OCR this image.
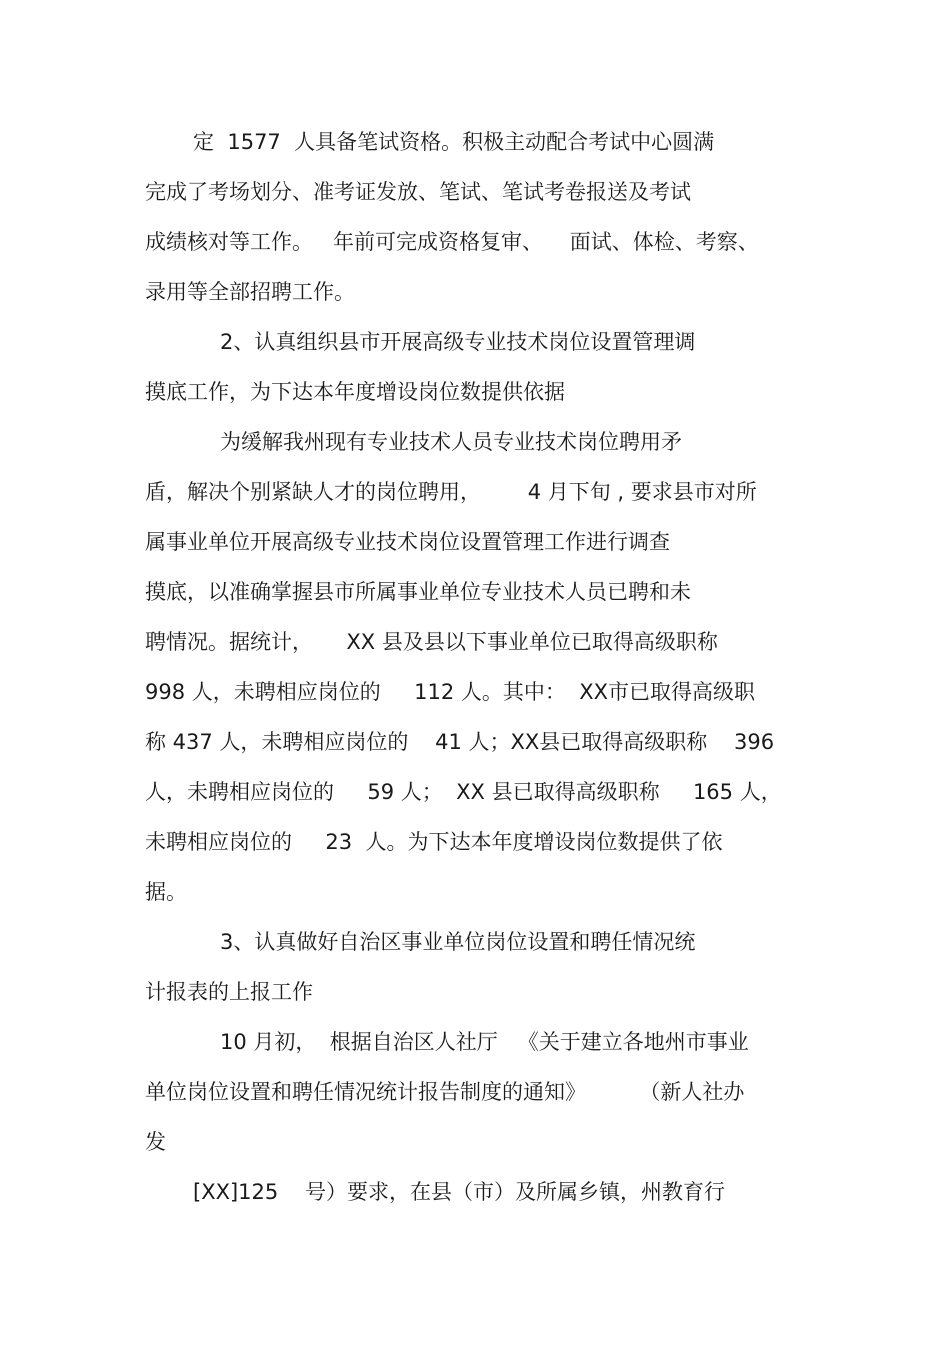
定  1577  人具备笔试资格。积极主动配合考试中心圆满
完成了考场划分、准考证发放、笔试、笔试考卷报送及考试
成绩核对等工作。   年前可完成资格复审、    面试、体检、考察、
录用等全部招聘工作。
2、认真组织县市开展高级专业技术岗位设置管理调
摸底工作，为下达本年度增设岗位数提供依据
为缓解我州现有专业技术人员专业技术岗位聘用矛
盾，解决个别紧缺人才的岗位聘用，       4 月下旬 , 要求县市对所
属事业单位开展高级专业技术岗位设置管理工作进行调查
摸底，以准确掌握县市所属事业单位专业技术人员已聘和未
聘情况。据统计，     XX 县及县以下事业单位已取得高级职称
998 人，未聘相应岗位的     112 人。其中：  XX市已取得高级职
称 437 人，未聘相应岗位的    41 人；XX县已取得高级职称    396
人，未聘相应岗位的     59 人；  XX 县已取得高级职称     165 人，
未聘相应岗位的     23  人。为下达本年度增设岗位数提供了依
据。
3、认真做好自治区事业单位岗位设置和聘任情况统
计报表的上报工作
10 月初，  根据自治区人社厅   《关于建立各地州市事业
单位岗位设置和聘任情况统计报告制度的通知》        （新人社办
发
[XX]125    号）要求，在县（市）及所属乡镇，州教育行
